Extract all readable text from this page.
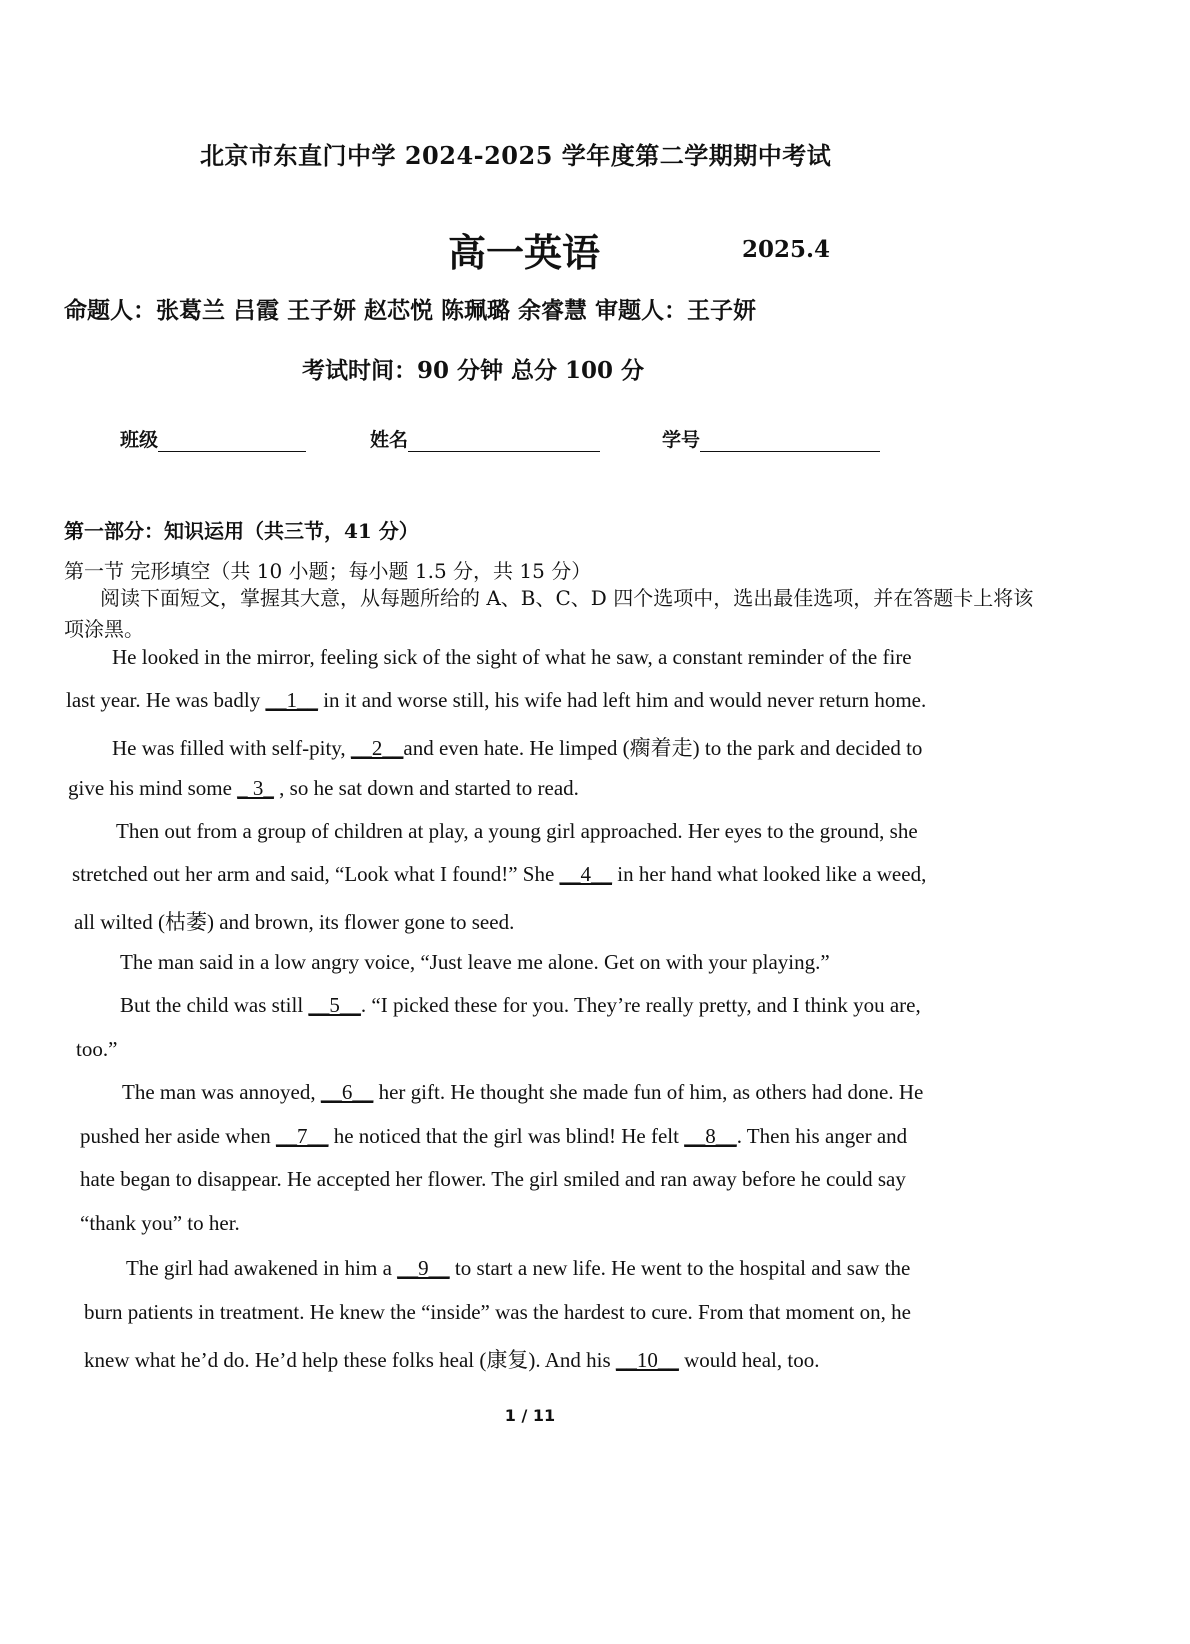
北京市东直门中学 2024-2025 学年度第二学期期中考试
高一英语	2025.4
命题人：张葛兰 吕霞 王子妍 赵芯悦 陈珮璐 余睿慧 审题人：王子妍
考试时间：90 分钟 总分 100 分
班级	姓名	学号
第一部分：知识运用（共三节，41 分）
第一节 完形填空（共 10 小题；每小题 1.5 分，共 15 分）
阅读下面短文，掌握其大意，从每题所给的 A、B、C、D 四个选项中，选出最佳选项，并在答题卡上将该项涂黑。
He looked in the mirror, feeling sick of the sight of what he saw, a constant reminder of the fire
last year. He was badly __1__ in it and worse still, his wife had left him and would never return home.
He was filled with self-pity, __2__and even hate. He limped (瘸着走) to the park and decided to
give his mind some _ 3_ , so he sat down and started to read.
Then out from a group of children at play, a young girl approached. Her eyes to the ground, she
stretched out her arm and said, “Look what I found!” She __4__ in her hand what looked like a weed,
all wilted (枯萎) and brown, its flower gone to seed.
The man said in a low angry voice, “Just leave me alone. Get on with your playing.”
But the child was still __5__. “I picked these for you. They’re really pretty, and I think you are,
too.”
The man was annoyed, __6__ her gift. He thought she made fun of him, as others had done. He
pushed her aside when __7__ he noticed that the girl was blind! He felt __8__. Then his anger and
hate began to disappear. He accepted her flower. The girl smiled and ran away before he could say
“thank you” to her.
The girl had awakened in him a __9__ to start a new life. He went to the hospital and saw the
burn patients in treatment. He knew the “inside” was the hardest to cure. From that moment on, he
knew what he’d do. He’d help these folks heal (康复). And his __10__ would heal, too.
1 / 11
